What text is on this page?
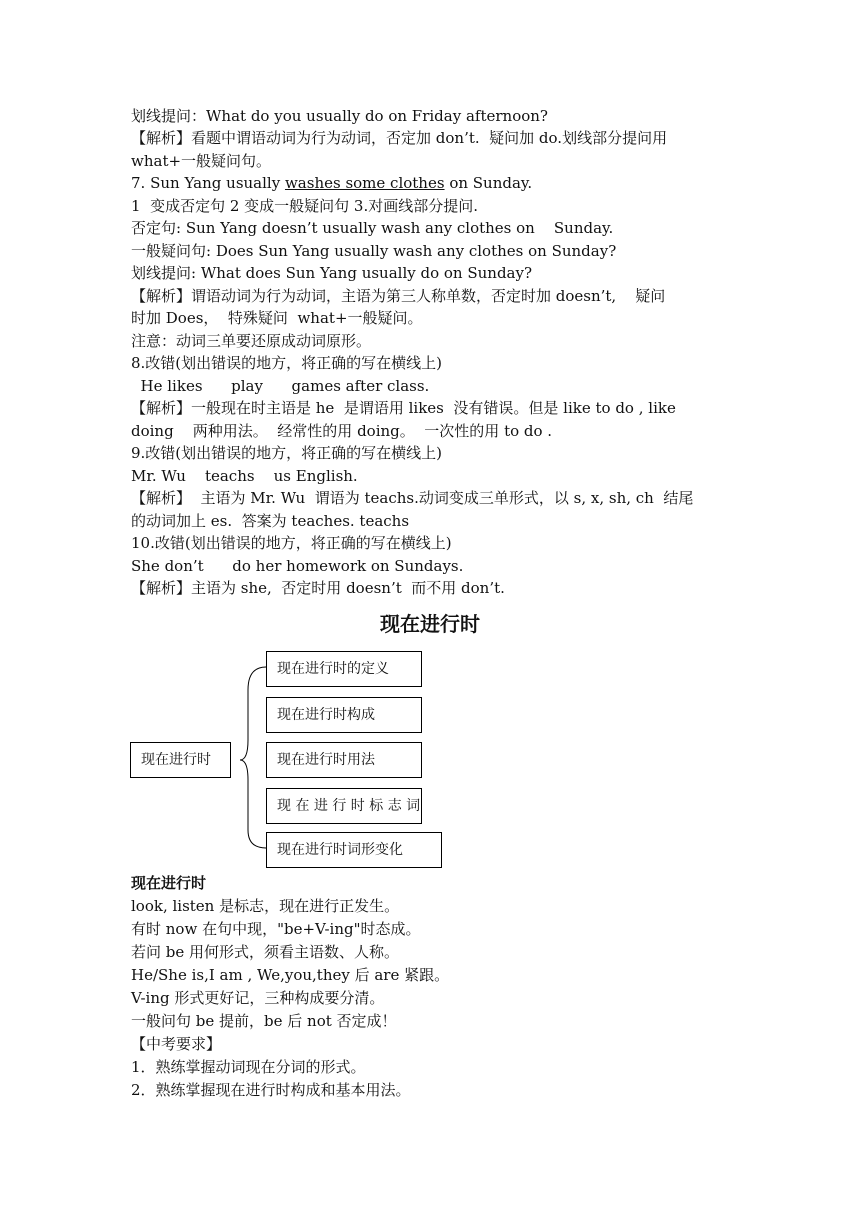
划线提问：What do you usually do on Friday afternoon?
【解析】看题中谓语动词为行为动词，否定加 don’t.  疑问加 do.划线部分提问用
what+一般疑问句。
7. Sun Yang usually washes some clothes on Sunday.
1  变成否定句 2 变成一般疑问句 3.对画线部分提问.
否定句: Sun Yang doesn’t usually wash any clothes on    Sunday.
一般疑问句: Does Sun Yang usually wash any clothes on Sunday?
划线提问: What does Sun Yang usually do on Sunday?
【解析】谓语动词为行为动词，主语为第三人称单数，否定时加 doesn’t,    疑问
时加 Does，  特殊疑问  what+一般疑问。
注意：动词三单要还原成动词原形。
8.改错(划出错误的地方，将正确的写在横线上)
He likes      play      games after class.
【解析】一般现在时主语是 he  是谓语用 likes  没有错误。但是 like to do , like
doing    两种用法。  经常性的用 doing。  一次性的用 to do .
9.改错(划出错误的地方，将正确的写在横线上)
Mr. Wu    teachs    us English.
【解析】  主语为 Mr. Wu  谓语为 teachs.动词变成三单形式，以 s, x, sh, ch  结尾
的动词加上 es.  答案为 teaches. teachs
10.改错(划出错误的地方，将正确的写在横线上)
She don’t      do her homework on Sundays.
【解析】主语为 she,  否定时用 doesn’t  而不用 don’t.
现在进行时
现在进行时
现在进行时的定义
现在进行时构成
现在进行时用法
现 在 进 行 时 标 志 词
现在进行时词形变化
现在进行时
look, listen 是标志，现在进行正发生。
有时 now 在句中现，"be+V-ing"时态成。
若问 be 用何形式，须看主语数、人称。
He/She is,I am , We,you,they 后 are 紧跟。
V-ing 形式更好记，三种构成要分清。
一般问句 be 提前，be 后 not 否定成！
【中考要求】
1．熟练掌握动词现在分词的形式。
2．熟练掌握现在进行时构成和基本用法。
